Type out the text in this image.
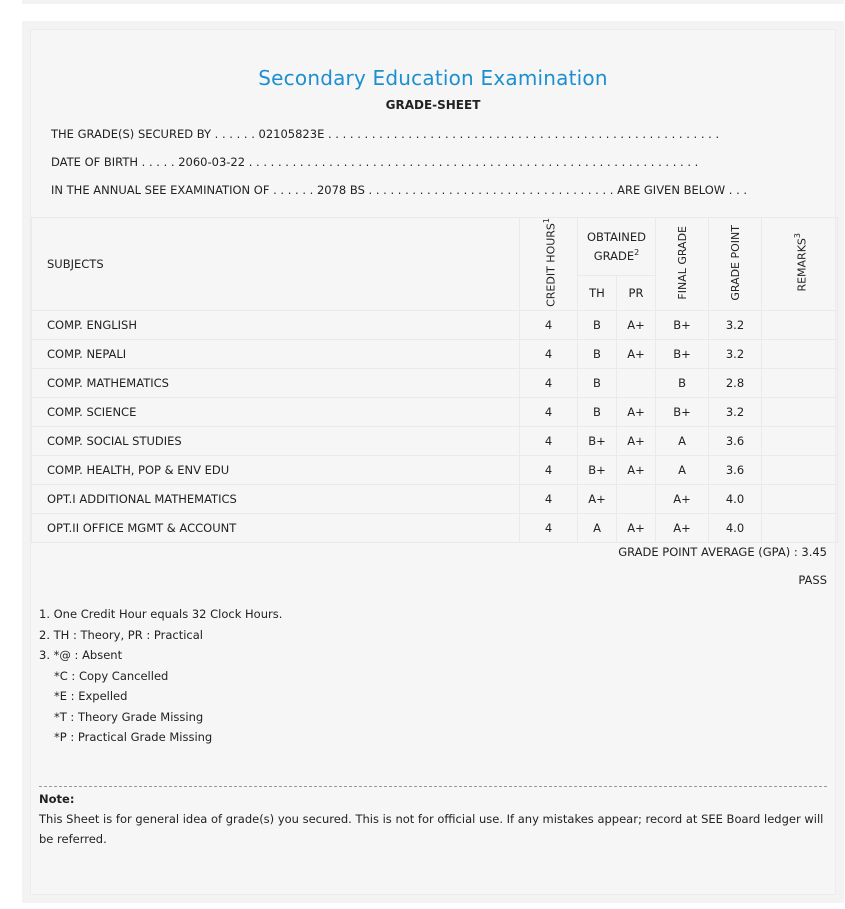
Secondary Education Examination
GRADE-SHEET
THE GRADE(S) SECURED BY . . . . . . 02105823E . . . . . . . . . . . . . . . . . . . . . . . . . . . . . . . . . . . . . . . . . . . . . . . . . . . . . .
DATE OF BIRTH . . . . . 2060-03-22 . . . . . . . . . . . . . . . . . . . . . . . . . . . . . . . . . . . . . . . . . . . . . . . . . . . . . . . . . . . . . .
IN THE ANNUAL SEE EXAMINATION OF . . . . . . 2078 BS . . . . . . . . . . . . . . . . . . . . . . . . . . . . . . . . . . ARE GIVEN BELOW . . .
SUBJECTS	CREDIT HOURS$^1$	OBTAINED GRADE$^2$		FINAL GRADE	GRADE POINT	REMARKS$^3$
		TH	PR			
COMP. ENGLISH	4	B	A+	B+	3.2	
COMP. NEPALI	4	B	A+	B+	3.2	
COMP. MATHEMATICS	4	B		B	2.8	
COMP. SCIENCE	4	B	A+	B+	3.2	
COMP. SOCIAL STUDIES	4	B+	A+	A	3.6	
COMP. HEALTH, POP & ENV EDU	4	B+	A+	A	3.6	
OPT.I ADDITIONAL MATHEMATICS	4	A+		A+	4.0	
OPT.II OFFICE MGMT & ACCOUNT	4	A	A+	A+	4.0	
GRADE POINT AVERAGE (GPA) : 3.45
PASS
1. One Credit Hour equals 32 Clock Hours.
2. TH : Theory, PR : Practical
3. *@ : Absent
*C : Copy Cancelled
*E : Expelled
*T : Theory Grade Missing
*P : Practical Grade Missing
Note:
This Sheet is for general idea of grade(s) you secured. This is not for official use. If any mistakes appear; record at SEE Board ledger will be referred.
